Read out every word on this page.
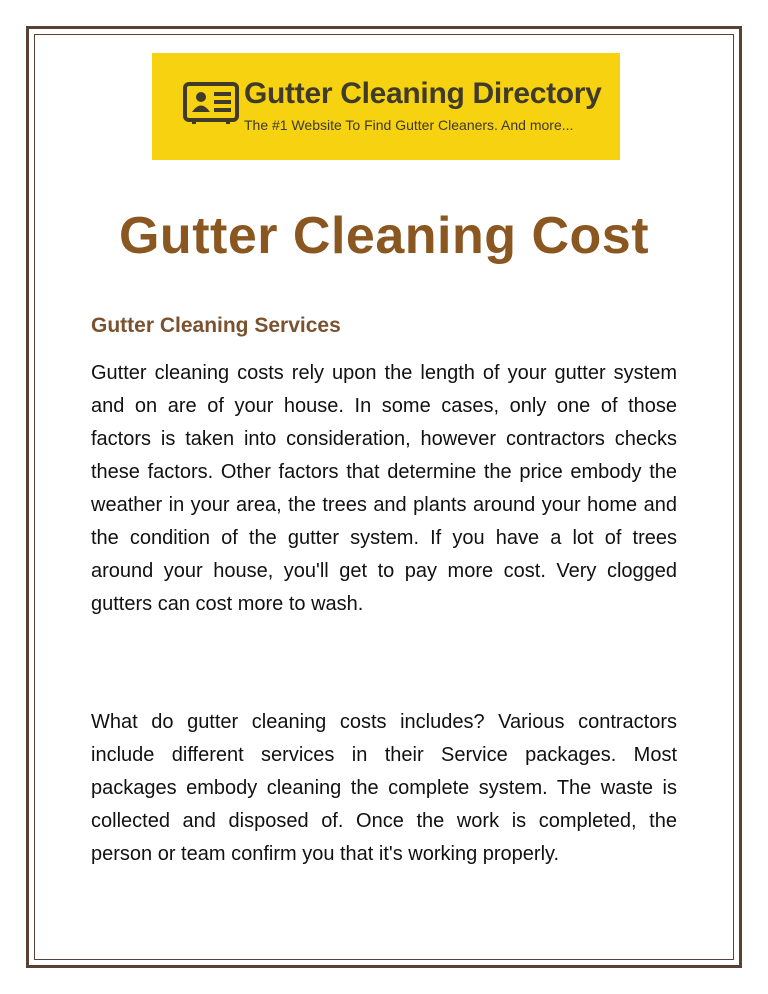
Gutter Cleaning Directory
The #1 Website To Find Gutter Cleaners. And more...
Gutter Cleaning Cost
Gutter Cleaning Services

Gutter cleaning costs rely upon the length of your gutter system and on are of your house. In some cases, only one of those factors is taken into consideration, however contractors checks these factors. Other factors that determine the price embody the weather in your area, the trees and plants around your home and the condition of the gutter system. If you have a lot of trees around your house, you'll get to pay more cost. Very clogged gutters can cost more to wash.

What do gutter cleaning costs includes? Various contractors include different services in their Service packages. Most packages embody cleaning the complete system. The waste is collected and disposed of. Once the work is completed, the person or team confirm you that it's working properly.
